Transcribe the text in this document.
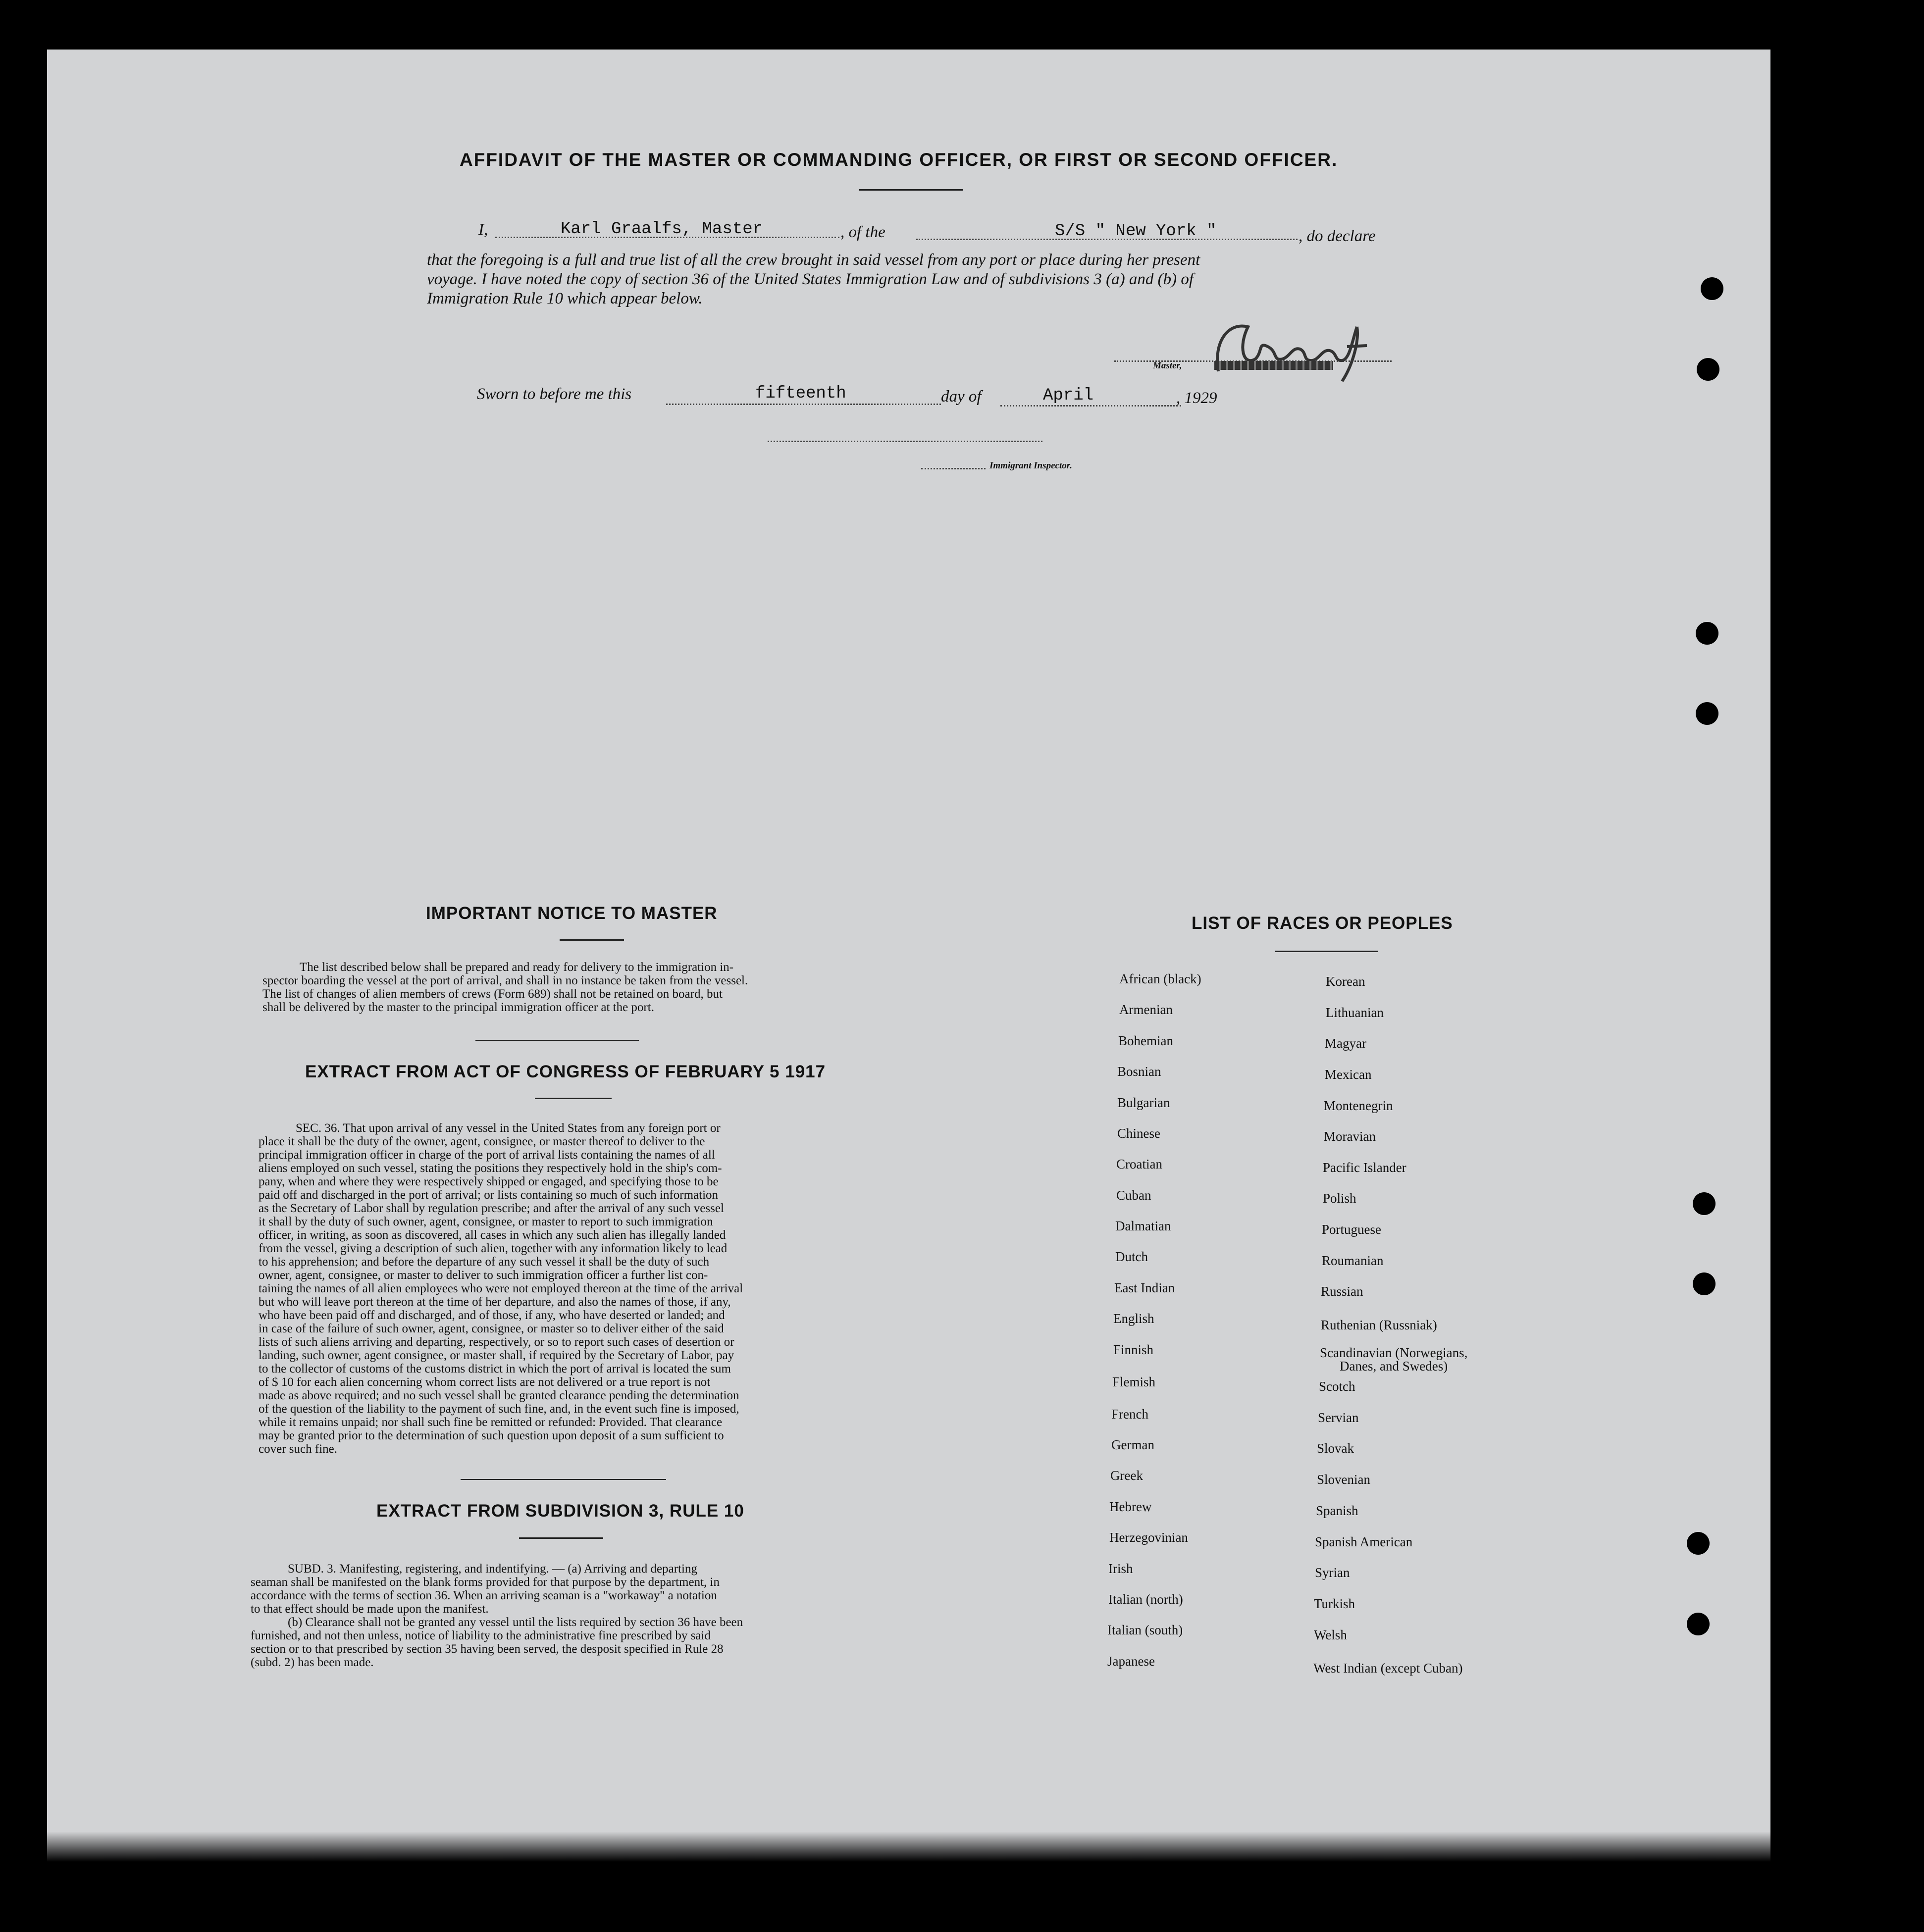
AFFIDAVIT OF THE MASTER OR COMMANDING OFFICER, OR FIRST OR SECOND OFFICER.
I,	Karl Graalfs, Master	, of the	S/S " New York "	, do declare
that the foregoing is a full and true list of all the crew brought in said vessel from any port or place during her present
voyage. I have noted the copy of section 36 of the United States Immigration Law and of subdivisions 3 (a) and (b) of
Immigration Rule 10 which appear below.
Master,
Sworn to before me this	fifteenth	day of	April	, 1929
Immigrant Inspector.
IMPORTANT NOTICE TO MASTER
The list described below shall be prepared and ready for delivery to the immigration in-
spector boarding the vessel at the port of arrival, and shall in no instance be taken from the vessel.
The list of changes of alien members of crews (Form 689) shall not be retained on board, but
shall be delivered by the master to the principal immigration officer at the port.
EXTRACT FROM ACT OF CONGRESS OF FEBRUARY 5 1917
SEC. 36. That upon arrival of any vessel in the United States from any foreign port or
place it shall be the duty of the owner, agent, consignee, or master thereof to deliver to the
principal immigration officer in charge of the port of arrival lists containing the names of all
aliens employed on such vessel, stating the positions they respectively hold in the ship's com-
pany, when and where they were respectively shipped or engaged, and specifying those to be
paid off and discharged in the port of arrival; or lists containing so much of such information
as the Secretary of Labor shall by regulation prescribe; and after the arrival of any such vessel
it shall by the duty of such owner, agent, consignee, or master to report to such immigration
officer, in writing, as soon as discovered, all cases in which any such alien has illegally landed
from the vessel, giving a description of such alien, together with any information likely to lead
to his apprehension; and before the departure of any such vessel it shall be the duty of such
owner, agent, consignee, or master to deliver to such immigration officer a further list con-
taining the names of all alien employees who were not employed thereon at the time of the arrival
but who will leave port thereon at the time of her departure, and also the names of those, if any,
who have been paid off and discharged, and of those, if any, who have deserted or landed; and
in case of the failure of such owner, agent, consignee, or master so to deliver either of the said
lists of such aliens arriving and departing, respectively, or so to report such cases of desertion or
landing, such owner, agent consignee, or master shall, if required by the Secretary of Labor, pay
to the collector of customs of the customs district in which the port of arrival is located the sum
of $ 10 for each alien concerning whom correct lists are not delivered or a true report is not
made as above required; and no such vessel shall be granted clearance pending the determination
of the question of the liability to the payment of such fine, and, in the event such fine is imposed,
while it remains unpaid; nor shall such fine be remitted or refunded: Provided. That clearance
may be granted prior to the determination of such question upon deposit of a sum sufficient to
cover such fine.
EXTRACT FROM SUBDIVISION 3, RULE 10
SUBD. 3. Manifesting, registering, and indentifying. — (a) Arriving and departing
seaman shall be manifested on the blank forms provided for that purpose by the department, in
accordance with the terms of section 36. When an arriving seaman is a "workaway" a notation
to that effect should be made upon the manifest.
(b) Clearance shall not be granted any vessel until the lists required by section 36 have been
furnished, and not then unless, notice of liability to the administrative fine prescribed by said
section or to that prescribed by section 35 having been served, the desposit specified in Rule 28
(subd. 2) has been made.
LIST OF RACES OR PEOPLES
African (black)
Armenian
Bohemian
Bosnian
Bulgarian
Chinese
Croatian
Cuban
Dalmatian
Dutch
East Indian
English
Finnish
Flemish
French
German
Greek
Hebrew
Herzegovinian
Irish
Italian (north)
Italian (south)
Japanese
Korean
Lithuanian
Magyar
Mexican
Montenegrin
Moravian
Pacific Islander
Polish
Portuguese
Roumanian
Russian
Ruthenian (Russniak)
Scandinavian (Norwegians,
Danes, and Swedes)
Scotch
Servian
Slovak
Slovenian
Spanish
Spanish American
Syrian
Turkish
Welsh
West Indian (except Cuban)
